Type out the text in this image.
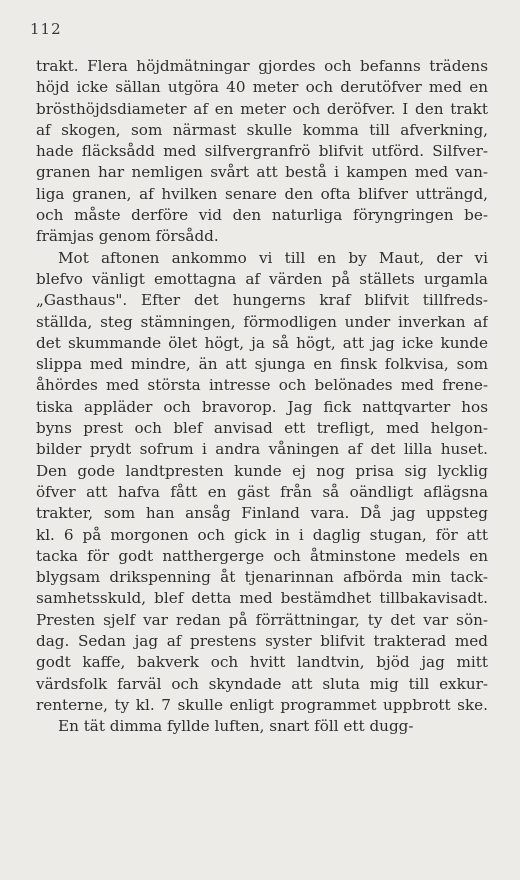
112
trakt. Flera höjdmätningar gjordes och befanns trädens
höjd icke sällan utgöra 40 meter och derutöfver med en
brösthöjdsdiameter af en meter och deröfver. I den trakt
af skogen, som närmast skulle komma till afverkning,
hade fläcksådd med silfvergranfrö blifvit utförd. Silfver-
granen har nemligen svårt att bestå i kampen med van-
liga granen, af hvilken senare den ofta blifver utträngd,
och måste derföre vid den naturliga föryngringen be-
främjas genom försådd.
Mot aftonen ankommo vi till en by Maut, der vi
blefvo vänligt emottagna af värden på ställets urgamla
„Gasthaus". Efter det hungerns kraf blifvit tillfreds-
ställda, steg stämningen, förmodligen under inverkan af
det skummande ölet högt, ja så högt, att jag icke kunde
slippa med mindre, än att sjunga en finsk folkvisa, som
åhördes med största intresse och belönades med frene-
tiska appläder och bravorop. Jag fick nattqvarter hos
byns prest och blef anvisad ett trefligt, med helgon-
bilder prydt sofrum i andra våningen af det lilla huset.
Den gode landtpresten kunde ej nog prisa sig lycklig
öfver att hafva fått en gäst från så oändligt aflägsna
trakter, som han ansåg Finland vara. Då jag uppsteg
kl. 6 på morgonen och gick in i daglig stugan, för att
tacka för godt natthergerge och åtminstone medels en
blygsam drikspenning åt tjenarinnan afbörda min tack-
samhetsskuld, blef detta med bestämdhet tillbakavisadt.
Presten sjelf var redan på förrättningar, ty det var sön-
dag. Sedan jag af prestens syster blifvit trakterad med
godt kaffe, bakverk och hvitt landtvin, bjöd jag mitt
värdsfolk farväl och skyndade att sluta mig till exkur-
renterne, ty kl. 7 skulle enligt programmet uppbrott ske.
En tät dimma fyllde luften, snart föll ett dugg-
